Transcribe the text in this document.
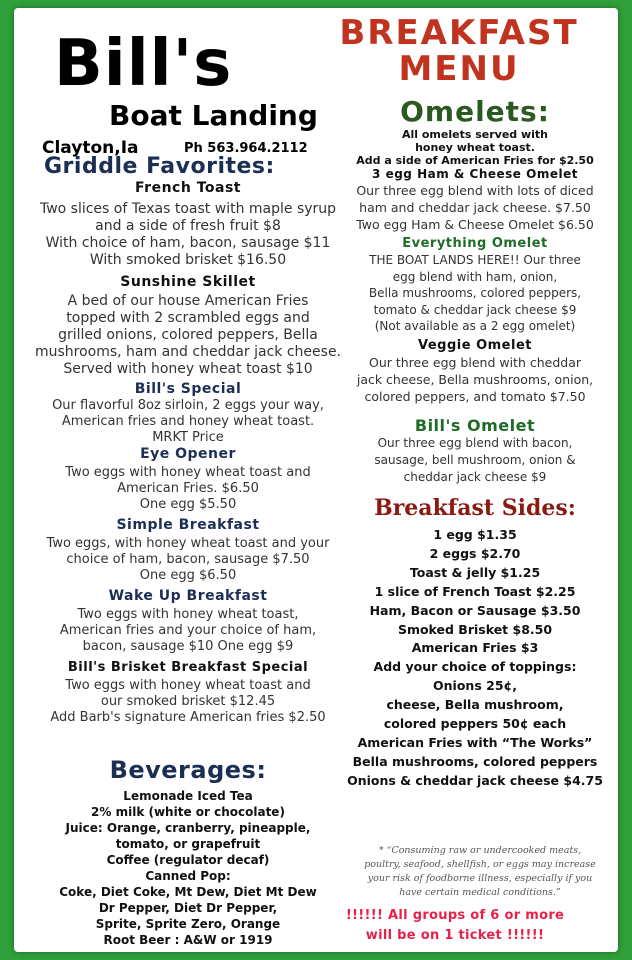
Bill's
Boat Landing
Clayton,Ia	Ph 563.964.2112
BREAKFAST
MENU
Griddle Favorites:
French Toast
Two slices of Texas toast with maple syrup
and a side of fresh fruit $8
With choice of ham, bacon, sausage $11
With smoked brisket $16.50
Sunshine Skillet
A bed of our house American Fries
topped with 2 scrambled eggs and
grilled onions, colored peppers, Bella
mushrooms, ham and cheddar jack cheese.
Served with honey wheat toast $10
Bill's Special
Our flavorful 8oz sirloin, 2 eggs your way,
American fries and honey wheat toast.
MRKT Price
Eye Opener
Two eggs with honey wheat toast and
American Fries. $6.50
One egg $5.50
Simple Breakfast
Two eggs, with honey wheat toast and your
choice of ham, bacon, sausage $7.50
One egg $6.50
Wake Up Breakfast
Two eggs with honey wheat toast,
American fries and your choice of ham,
bacon, sausage $10 One egg $9
Bill's Brisket Breakfast Special
Two eggs with honey wheat toast and
our smoked brisket $12.45
Add Barb's signature American fries $2.50
Beverages:
Lemonade Iced Tea
2% milk (white or chocolate)
Juice: Orange, cranberry, pineapple,
tomato, or grapefruit
Coffee (regulator decaf)
Canned Pop:
Coke, Diet Coke, Mt Dew, Diet Mt Dew
Dr Pepper, Diet Dr Pepper,
Sprite, Sprite Zero, Orange
Root Beer : A&W or 1919
Omelets:
All omelets served with
honey wheat toast.
Add a side of American Fries for $2.50
3 egg Ham & Cheese Omelet
Our three egg blend with lots of diced
ham and cheddar jack cheese. $7.50
Two egg Ham & Cheese Omelet $6.50
Everything Omelet
THE BOAT LANDS HERE!! Our three
egg blend with ham, onion,
Bella mushrooms, colored peppers,
tomato & cheddar jack cheese $9
(Not available as a 2 egg omelet)
Veggie Omelet
Our three egg blend with cheddar
jack cheese, Bella mushrooms, onion,
colored peppers, and tomato $7.50
Bill's Omelet
Our three egg blend with bacon,
sausage, bell mushroom, onion &
cheddar jack cheese $9
Breakfast Sides:
1 egg $1.35
2 eggs $2.70
Toast & jelly $1.25
1 slice of French Toast $2.25
Ham, Bacon or Sausage $3.50
Smoked Brisket $8.50
American Fries $3
Add your choice of toppings:
Onions 25¢,
cheese, Bella mushroom,
colored peppers 50¢ each
American Fries with “The Works”
Bella mushrooms, colored peppers
Onions & cheddar jack cheese $4.75
* “Consuming raw or undercooked meats,
poultry, seafood, shellfish, or eggs may increase
your risk of foodborne illness, especially if you
have certain medical conditions.”
!!!!!! All groups of 6 or more
will be on 1 ticket !!!!!!
